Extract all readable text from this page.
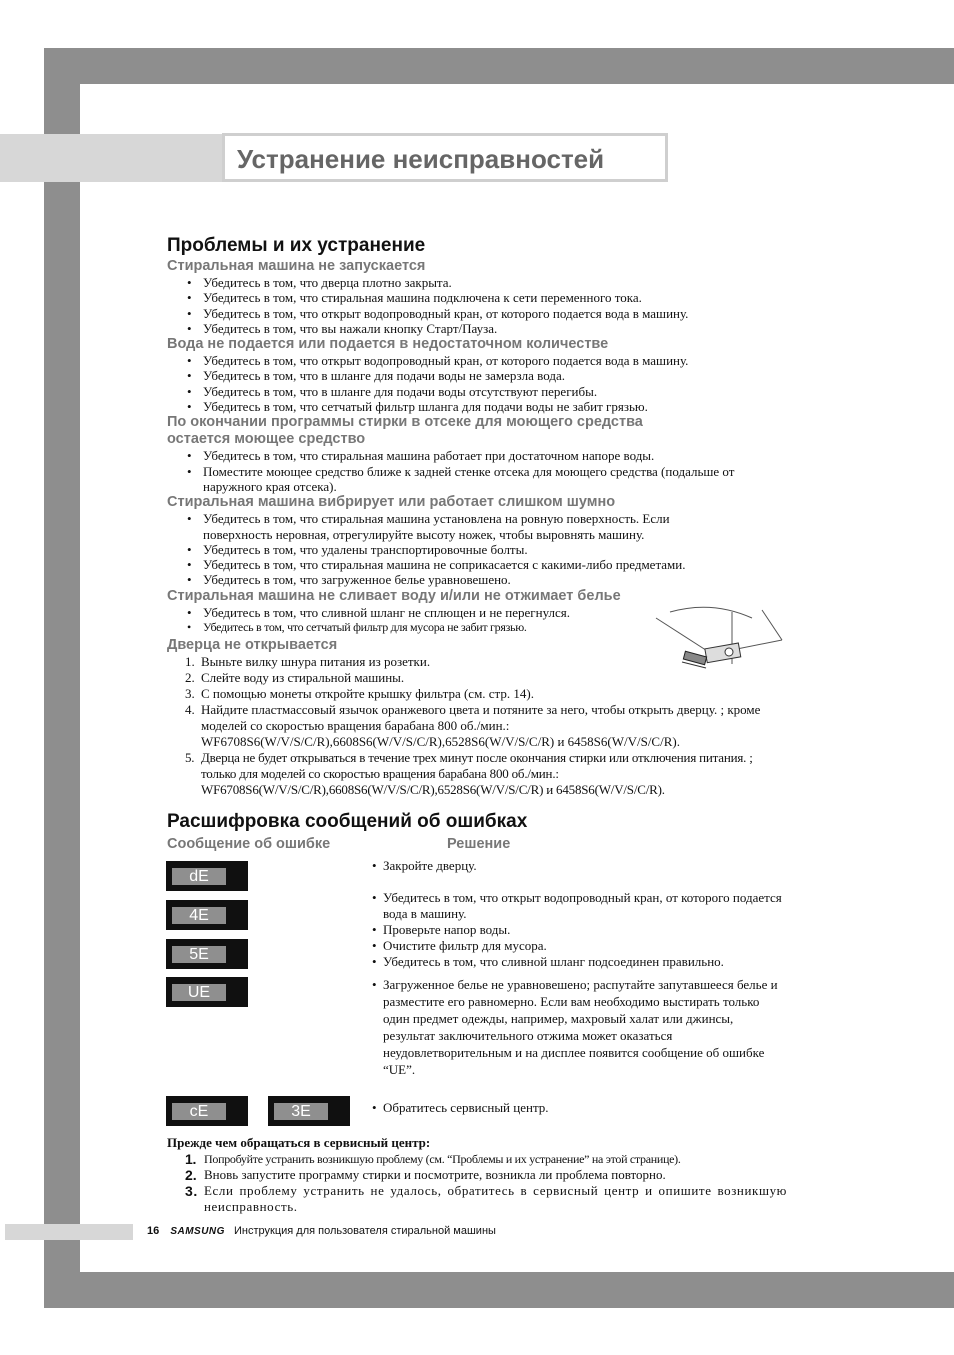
Устранение неисправностей
Проблемы и их устранение
Стиральная машина не запускается
• Убедитесь в том, что дверца плотно закрыта.
• Убедитесь в том, что стиральная машина подключена к сети переменного тока.
• Убедитесь в том, что открыт водопроводный кран, от которого подается вода в машину.
• Убедитесь в том, что вы нажали кнопку Старт/Пауза.
Вода не подается или подается в недостаточном количестве
• Убедитесь в том, что открыт водопроводный кран, от которого подается вода в машину.
• Убедитесь в том, что в шланге для подачи воды не замерзла вода.
• Убедитесь в том, что в шланге для подачи воды отсутствуют перегибы.
• Убедитесь в том, что сетчатый фильтр шланга для подачи воды не забит грязью.
По окончании программы стирки в отсеке для моющего средства
остается моющее средство
• Убедитесь в том, что стиральная машина работает при достаточном напоре воды.
• Поместите моющее средство ближе к задней стенке отсека для моющего средства (подальше от наружного края отсека).
Стиральная машина вибрирует или работает слишком шумно
• Убедитесь в том, что стиральная машина установлена на ровную поверхность. Если поверхность неровная, отрегулируйте высоту ножек, чтобы выровнять машину.
• Убедитесь в том, что удалены транспортировочные болты.
• Убедитесь в том, что стиральная машина не соприкасается с какими-либо предметами.
• Убедитесь в том, что загруженное белье уравновешено.
Стиральная машина не сливает воду и/или не отжимает белье
• Убедитесь в том, что сливной шланг не сплющен и не перегнулся.
• Убедитесь в том, что сетчатый фильтр для мусора не забит грязью.
Дверца не открывается
1. Выньте вилку шнура питания из розетки.
2. Слейте воду из стиральной машины.
3. С помощью монеты откройте крышку фильтра (см. стр. 14).
4. Найдите пластмассовый язычок оранжевого цвета и потяните за него, чтобы открыть дверцу. ; кроме моделей со скоростью вращения барабана 800 об./мин.: WF6708S6(W/V/S/C/R),6608S6(W/V/S/C/R),6528S6(W/V/S/C/R) и 6458S6(W/V/S/C/R).
5. Дверца не будет открываться в течение трех минут после окончания стирки или отключения питания. ; только для моделей со скоростью вращения барабана 800 об./мин.: WF6708S6(W/V/S/C/R),6608S6(W/V/S/C/R),6528S6(W/V/S/C/R) и 6458S6(W/V/S/C/R).
Расшифровка сообщений об ошибках
Сообщение об ошибке	Решение
dE
4E
5E
UE
cE	3E
• Закройте дверцу.
• Убедитесь в том, что открыт водопроводный кран, от которого подается вода в машину.
• Проверьте напор воды.
• Очистите фильтр для мусора.
• Убедитесь в том, что сливной шланг подсоединен правильно.
• Загруженное белье не уравновешено; распутайте запутавшееся белье и разместите его равномерно. Если вам необходимо выстирать только один предмет одежды, например, махровый халат или джинсы, результат заключительного отжима может оказаться неудовлетворительным и на дисплее появится сообщение об ошибке “UE”.
• Обратитесь сервисный центр.
Прежде чем обращаться в сервисный центр:
1. Попробуйте устранить возникшую проблему (см. “Проблемы и их устранение” на этой странице).
2. Вновь запустите программу стирки и посмотрите, возникла ли проблема повторно.
3. Если проблему устранить не удалось, обратитесь в сервисный центр и опишите возникшую неисправность.
16 SAMSUNG Инструкция для пользователя стиральной машины
